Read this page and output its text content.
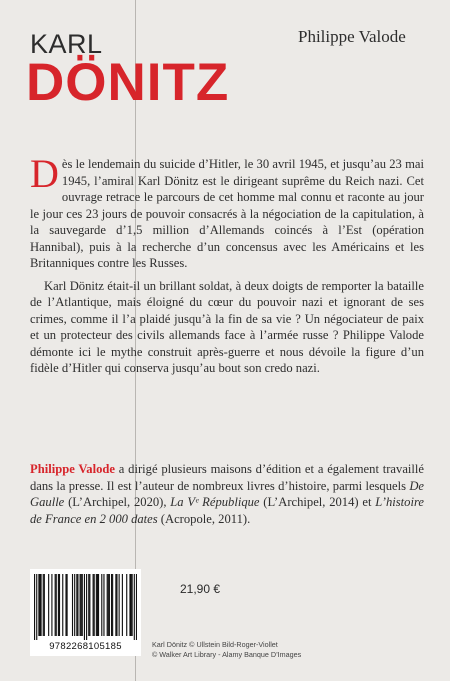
KARL
DÖNITZ
Philippe Valode

Dès le lendemain du suicide d’Hitler, le 30 avril 1945, et jusqu’au 23 mai 1945, l’amiral Karl Dönitz est le dirigeant suprême du Reich nazi. Cet ouvrage retrace le parcours de cet homme mal connu et raconte au jour le jour ces 23 jours de pouvoir consacrés à la négociation de la capitulation, à la sauvegarde d’1,5 million d’Allemands coincés à l’Est (opération Hannibal), puis à la recherche d’un concensus avec les Américains et les Britanniques contre les Russes.

Karl Dönitz était-il un brillant soldat, à deux doigts de remporter la bataille de l’Atlantique, mais éloigné du cœur du pouvoir nazi et ignorant de ses crimes, comme il l’a plaidé jusqu’à la fin de sa vie ? Un négociateur de paix et un protecteur des civils allemands face à l’armée russe ? Philippe Valode démonte ici le mythe construit après-guerre et nous dévoile la figure d’un fidèle d’Hitler qui conserva jusqu’au bout son credo nazi.

Philippe Valode a dirigé plusieurs maisons d’édition et a également travaillé dans la presse. Il est l’auteur de nombreux livres d’histoire, parmi lesquels De Gaulle (L’Archipel, 2020), La Vᵉ République (L’Archipel, 2014) et L’histoire de France en 2 000 dates (Acropole, 2011).
9782268105185
21,90 €
Karl Dönitz © Ullstein Bild-Roger-Viollet
© Walker Art Library - Alamy Banque D’Images
